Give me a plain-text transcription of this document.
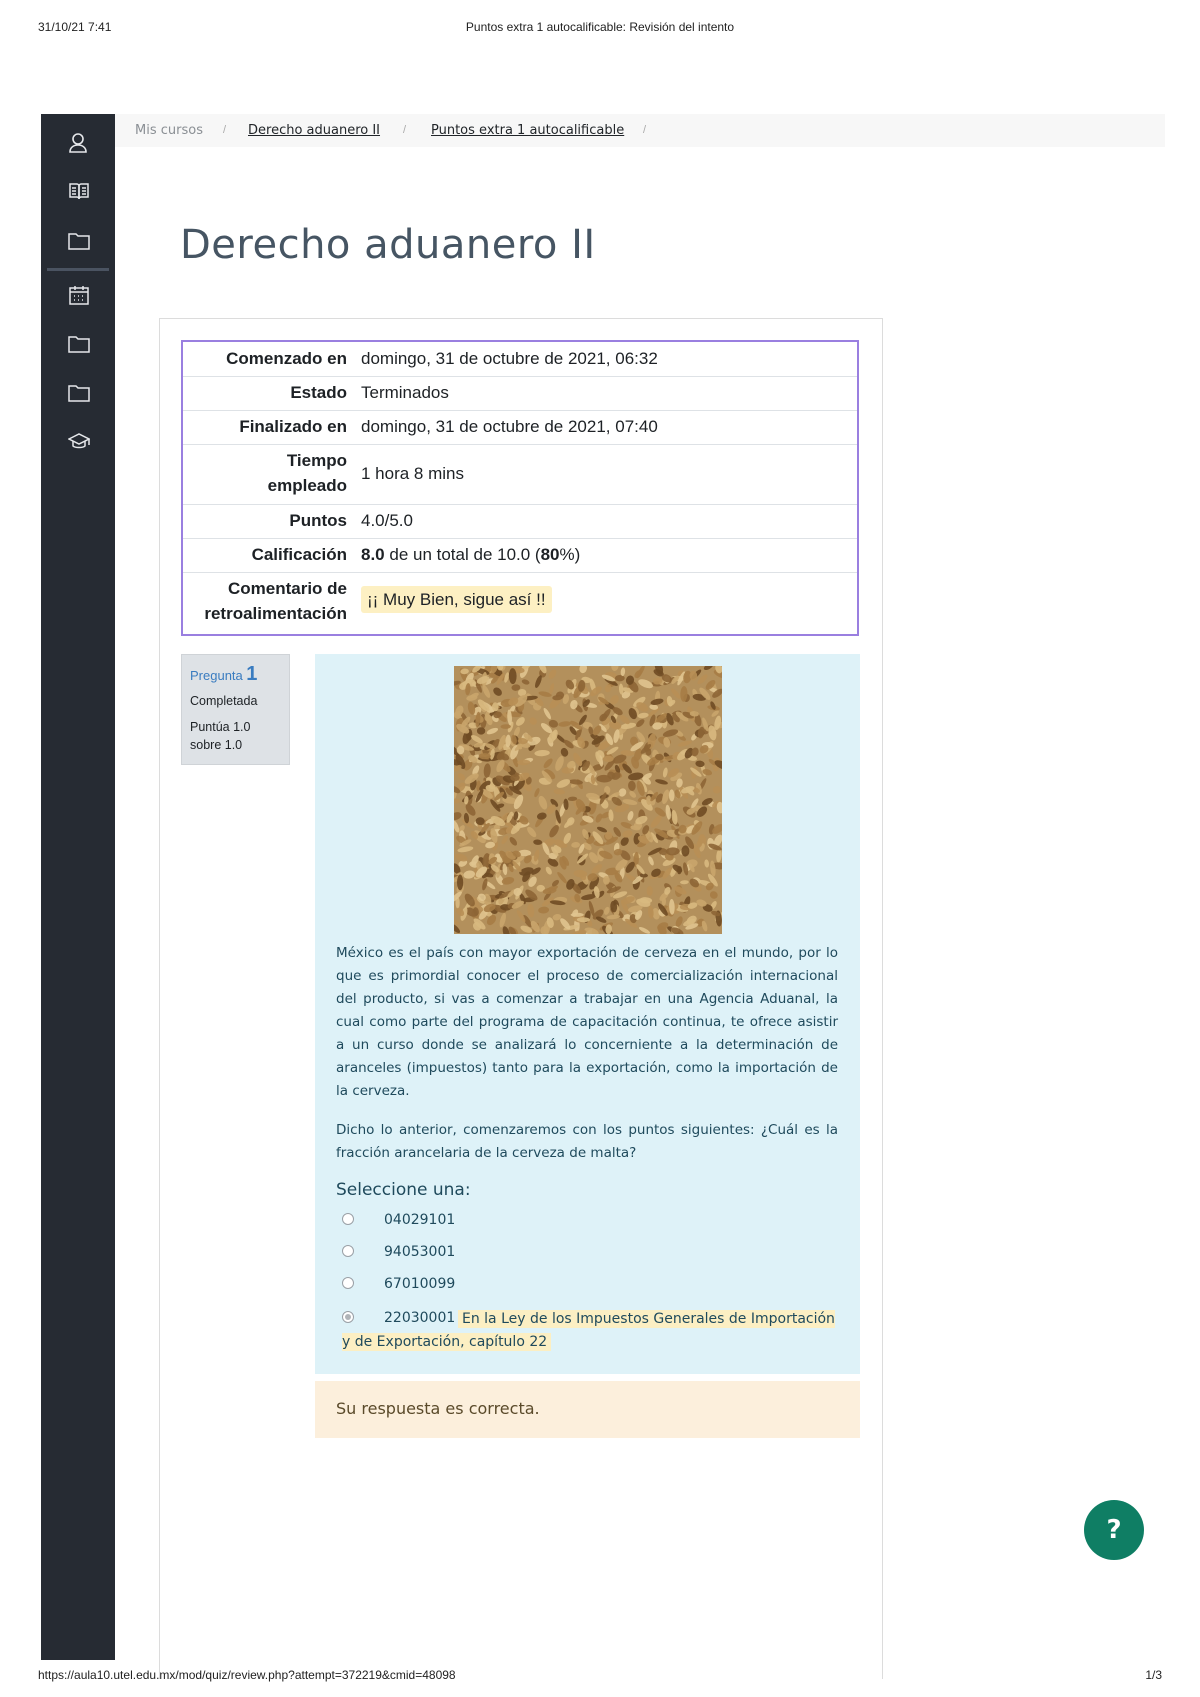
31/10/21 7:41	Puntos extra 1 autocalificable: Revisión del intento
Mis cursos / Derecho aduanero II / Puntos extra 1 autocalificable /
Derecho aduanero II
Comenzado en domingo, 31 de octubre de 2021, 06:32
Estado Terminados
Finalizado en domingo, 31 de octubre de 2021, 07:40
Tiempo
empleado
1 hora 8 mins
Puntos 4.0/5.0
Calificación 8.0 de un total de 10.0 (80%)
Comentario de
retroalimentación
¡¡ Muy Bien, sigue así !!
Pregunta 1
Completada
Puntúa 1.0
sobre 1.0

México es el país con mayor exportación de cerveza en el mundo, por lo que es primordial conocer el proceso de comercialización internacional del producto, si vas a comenzar a trabajar en una Agencia Aduanal, la cual como parte del programa de capacitación continua, te ofrece asistir a un curso donde se analizará lo concerniente a la determinación de aranceles (impuestos) tanto para la exportación, como la importación de la cerveza.

Dicho lo anterior, comenzaremos con los puntos siguientes: ¿Cuál es la fracción arancelaria de la cerveza de malta?

Seleccione una:
04029101
94053001
67010099
22030001 En la Ley de los Impuestos Generales de Importación y de Exportación, capítulo 22
Su respuesta es correcta.
?
https://aula10.utel.edu.mx/mod/quiz/review.php?attempt=372219&cmid=48098	1/3
